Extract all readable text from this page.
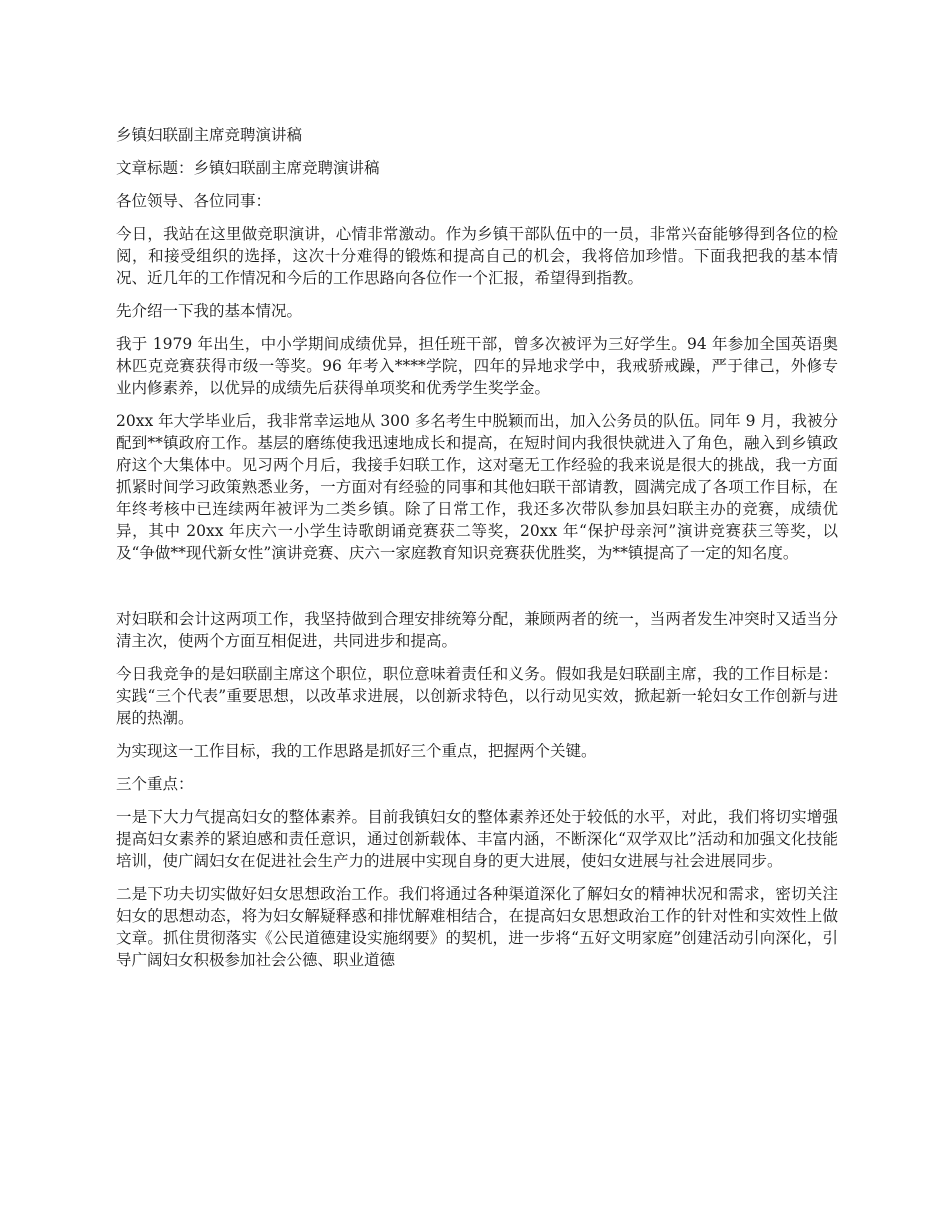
乡镇妇联副主席竞聘演讲稿

文章标题：乡镇妇联副主席竞聘演讲稿

各位领导、各位同事：

今日，我站在这里做竞职演讲，心情非常激动。作为乡镇干部队伍中的一员，非常兴奋能够得到各位的检阅，和接受组织的选择，这次十分难得的锻炼和提高自己的机会，我将倍加珍惜。下面我把我的基本情况、近几年的工作情况和今后的工作思路向各位作一个汇报，希望得到指教。

先介绍一下我的基本情况。

我于 1979 年出生，中小学期间成绩优异，担任班干部，曾多次被评为三好学生。94 年参加全国英语奥林匹克竞赛获得市级一等奖。96 年考入****学院，四年的异地求学中，我戒骄戒躁，严于律己，外修专业内修素养，以优异的成绩先后获得单项奖和优秀学生奖学金。

20xx 年大学毕业后，我非常幸运地从 300 多名考生中脱颖而出，加入公务员的队伍。同年 9 月，我被分配到**镇政府工作。基层的磨练使我迅速地成长和提高，在短时间内我很快就进入了角色，融入到乡镇政府这个大集体中。见习两个月后，我接手妇联工作，这对毫无工作经验的我来说是很大的挑战，我一方面抓紧时间学习政策熟悉业务，一方面对有经验的同事和其他妇联干部请教，圆满完成了各项工作目标，在年终考核中已连续两年被评为二类乡镇。除了日常工作，我还多次带队参加县妇联主办的竞赛，成绩优异，其中 20xx 年庆六一小学生诗歌朗诵竞赛获二等奖，20xx 年“保护母亲河”演讲竞赛获三等奖，以及“争做**现代新女性”演讲竞赛、庆六一家庭教育知识竞赛获优胜奖，为**镇提高了一定的知名度。

对妇联和会计这两项工作，我坚持做到合理安排统筹分配，兼顾两者的统一，当两者发生冲突时又适当分清主次，使两个方面互相促进，共同进步和提高。

今日我竞争的是妇联副主席这个职位，职位意味着责任和义务。假如我是妇联副主席，我的工作目标是：实践“三个代表”重要思想，以改革求进展，以创新求特色，以行动见实效，掀起新一轮妇女工作创新与进展的热潮。

为实现这一工作目标，我的工作思路是抓好三个重点，把握两个关键。

三个重点：

一是下大力气提高妇女的整体素养。目前我镇妇女的整体素养还处于较低的水平，对此，我们将切实增强提高妇女素养的紧迫感和责任意识，通过创新载体、丰富内涵，不断深化“双学双比”活动和加强文化技能培训，使广阔妇女在促进社会生产力的进展中实现自身的更大进展，使妇女进展与社会进展同步。

二是下功夫切实做好妇女思想政治工作。我们将通过各种渠道深化了解妇女的精神状况和需求，密切关注妇女的思想动态，将为妇女解疑释惑和排忧解难相结合，在提高妇女思想政治工作的针对性和实效性上做文章。抓住贯彻落实《公民道德建设实施纲要》的契机，进一步将“五好文明家庭”创建活动引向深化，引导广阔妇女积极参加社会公德、职业道德
